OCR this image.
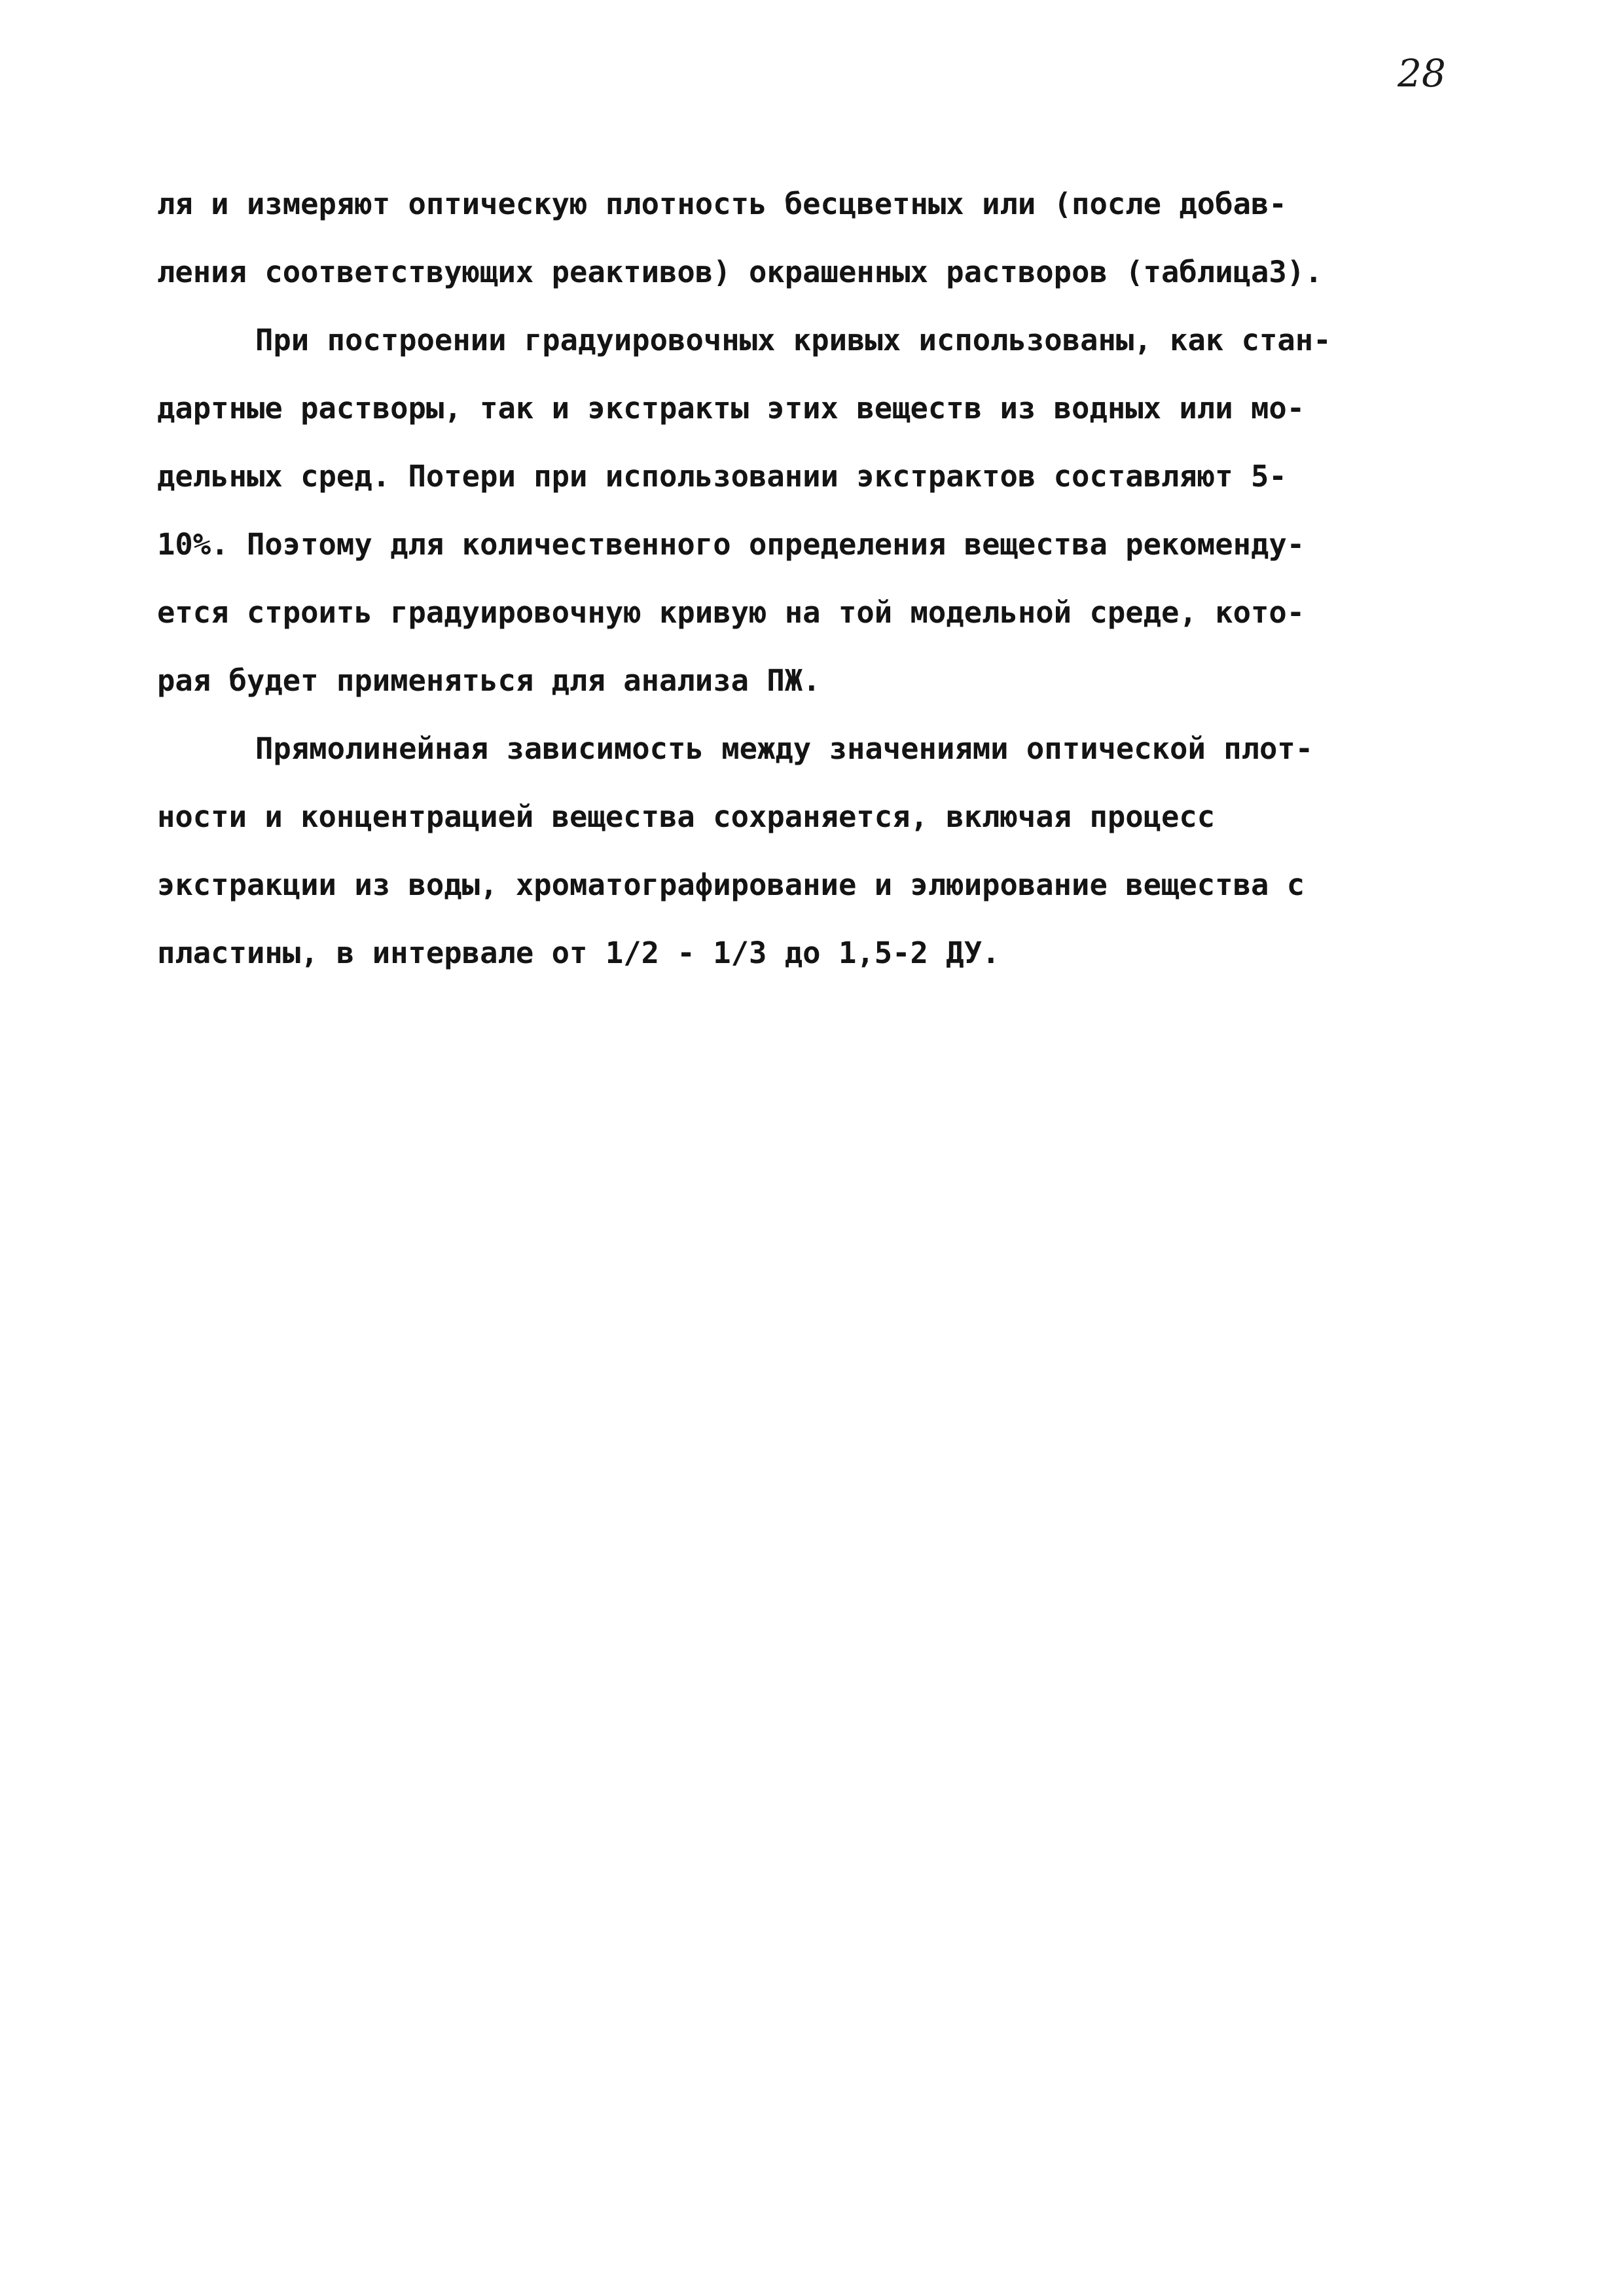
28
ля и измеряют оптическую плотность бесцветных или (после добав-
ления соответствующих реактивов) окрашенных растворов (таблица3).
При построении градуировочных кривых использованы, как стан-
дартные растворы, так и экстракты этих веществ из водных или мо-
дельных сред. Потери при использовании экстрактов составляют 5-
10%. Поэтому для количественного определения вещества рекоменду-
ется строить градуировочную кривую на той модельной среде, кото-
рая будет применяться для анализа ПЖ.
Прямолинейная зависимость между значениями оптической плот-
ности и концентрацией вещества сохраняется, включая процесс
экстракции из воды, хроматографирование и элюирование вещества с
пластины, в интервале от 1/2 - 1/3 до 1,5-2 ДУ.
